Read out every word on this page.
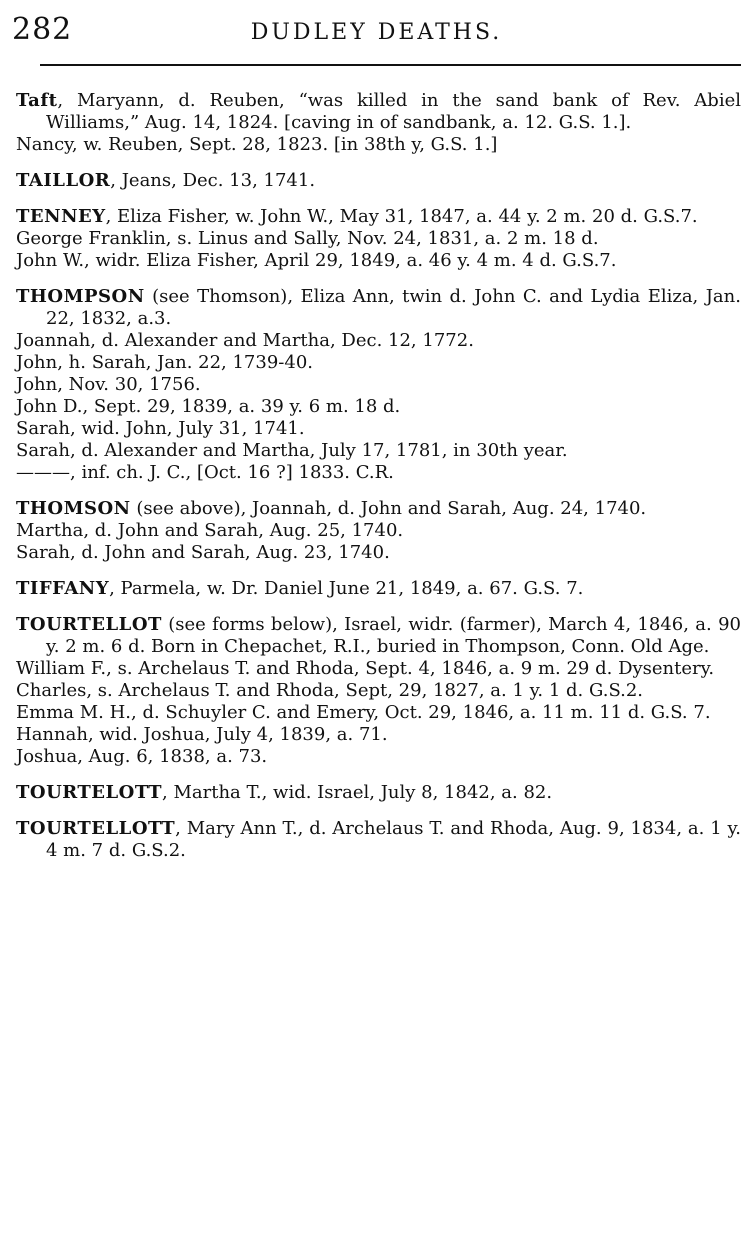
282	DUDLEY DEATHS.

Taft, Maryann, d. Reuben, “was killed in the sand bank of Rev. Abiel Williams,” Aug. 14, 1824. [caving in of sandbank, a. 12. G.S. 1.].

Nancy, w. Reuben, Sept. 28, 1823. [in 38th y, G.S. 1.]

TAILLOR, Jeans, Dec. 13, 1741.

TENNEY, Eliza Fisher, w. John W., May 31, 1847, a. 44 y. 2 m. 20 d. G.S.7.

George Franklin, s. Linus and Sally, Nov. 24, 1831, a. 2 m. 18 d.

John W., widr. Eliza Fisher, April 29, 1849, a. 46 y. 4 m. 4 d. G.S.7.

THOMPSON (see Thomson), Eliza Ann, twin d. John C. and Lydia Eliza, Jan. 22, 1832, a.3.

Joannah, d. Alexander and Martha, Dec. 12, 1772.

John, h. Sarah, Jan. 22, 1739-40.

John, Nov. 30, 1756.

John D., Sept. 29, 1839, a. 39 y. 6 m. 18 d.

Sarah, wid. John, July 31, 1741.

Sarah, d. Alexander and Martha, July 17, 1781, in 30th year.

———, inf. ch. J. C., [Oct. 16 ?] 1833. C.R.

THOMSON (see above), Joannah, d. John and Sarah, Aug. 24, 1740.

Martha, d. John and Sarah, Aug. 25, 1740.

Sarah, d. John and Sarah, Aug. 23, 1740.

TIFFANY, Parmela, w. Dr. Daniel June 21, 1849, a. 67. G.S. 7.

TOURTELLOT (see forms below), Israel, widr. (farmer), March 4, 1846, a. 90 y. 2 m. 6 d. Born in Chepachet, R.I., buried in Thompson, Conn. Old Age.

William F., s. Archelaus T. and Rhoda, Sept. 4, 1846, a. 9 m. 29 d. Dysentery.

Charles, s. Archelaus T. and Rhoda, Sept, 29, 1827, a. 1 y. 1 d. G.S.2.

Emma M. H., d. Schuyler C. and Emery, Oct. 29, 1846, a. 11 m. 11 d. G.S. 7.

Hannah, wid. Joshua, July 4, 1839, a. 71.

Joshua, Aug. 6, 1838, a. 73.

TOURTELOTT, Martha T., wid. Israel, July 8, 1842, a. 82.

TOURTELLOTT, Mary Ann T., d. Archelaus T. and Rhoda, Aug. 9, 1834, a. 1 y. 4 m. 7 d. G.S.2.
